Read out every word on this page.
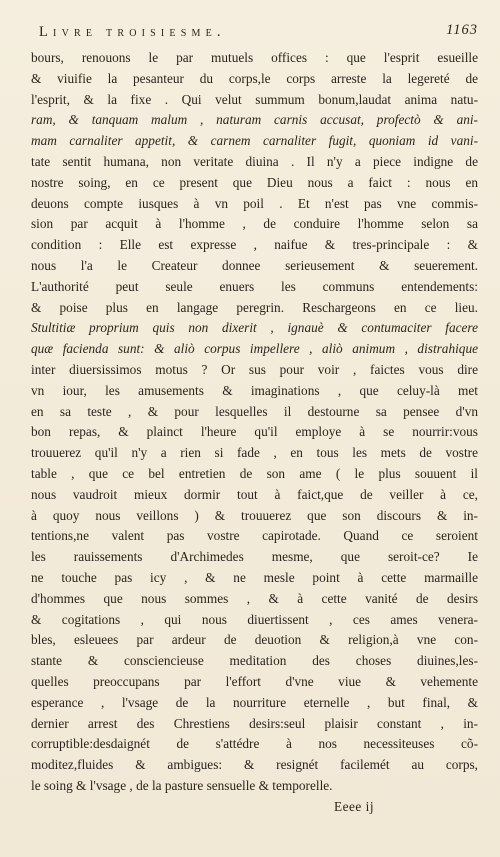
Livre troisiesme.	1163
bours, renouons le par mutuels offices : que l'esprit esueille
& viuifie la pesanteur du corps,le corps arreste la legereté de
l'esprit, & la fixe . Qui velut summum bonum,laudat anima natu-
ram, & tanquam malum , naturam carnis accusat, profectò & ani-
mam carnaliter appetit, & carnem carnaliter fugit, quoniam id vani-
tate sentit humana, non veritate diuina . Il n'y a piece indigne de
nostre soing, en ce present que Dieu nous a faict : nous en
deuons compte iusques à vn poil . Et n'est pas vne commis-
sion par acquit à l'homme , de conduire l'homme selon sa
condition : Elle est expresse , naifue & tres-principale : &
nous l'a le Createur donnee serieusement & seuerement.
L'authorité peut seule enuers les communs entendements:
& poise plus en langage peregrin. Reschargeons en ce lieu.
Stultitiæ proprium quis non dixerit , ignauè & contumaciter facere
quæ facienda sunt: & aliò corpus impellere , aliò animum , distrahique
inter diuersissimos motus ? Or sus pour voir , faictes vous dire
vn iour, les amusements & imaginations , que celuy-là met
en sa teste , & pour lesquelles il destourne sa pensee d'vn
bon repas, & plainct l'heure qu'il employe à se nourrir:vous
trouuerez qu'il n'y a rien si fade , en tous les mets de vostre
table , que ce bel entretien de son ame ( le plus souuent il
nous vaudroit mieux dormir tout à faict,que de veiller à ce,
à quoy nous veillons ) & trouuerez que son discours & in-
tentions,ne valent pas vostre capirotade. Quand ce seroient
les rauissements d'Archimedes mesme, que seroit-ce? Ie
ne touche pas icy , & ne mesle point à cette marmaille
d'hommes que nous sommes , & à cette vanité de desirs
& cogitations , qui nous diuertissent , ces ames venera-
bles, esleuees par ardeur de deuotion & religion,à vne con-
stante & consciencieuse meditation des choses diuines,les-
quelles preoccupans par l'effort d'vne viue & vehemente
esperance , l'vsage de la nourriture eternelle , but final, &
dernier arrest des Chrestiens desirs:seul plaisir constant , in-
corruptible:desdaignét de s'attédre à nos necessiteuses cõ-
moditez,fluides & ambigues: & resignét facilemét au corps,
le soing & l'vsage , de la pasture sensuelle & temporelle.
Eeee ij
